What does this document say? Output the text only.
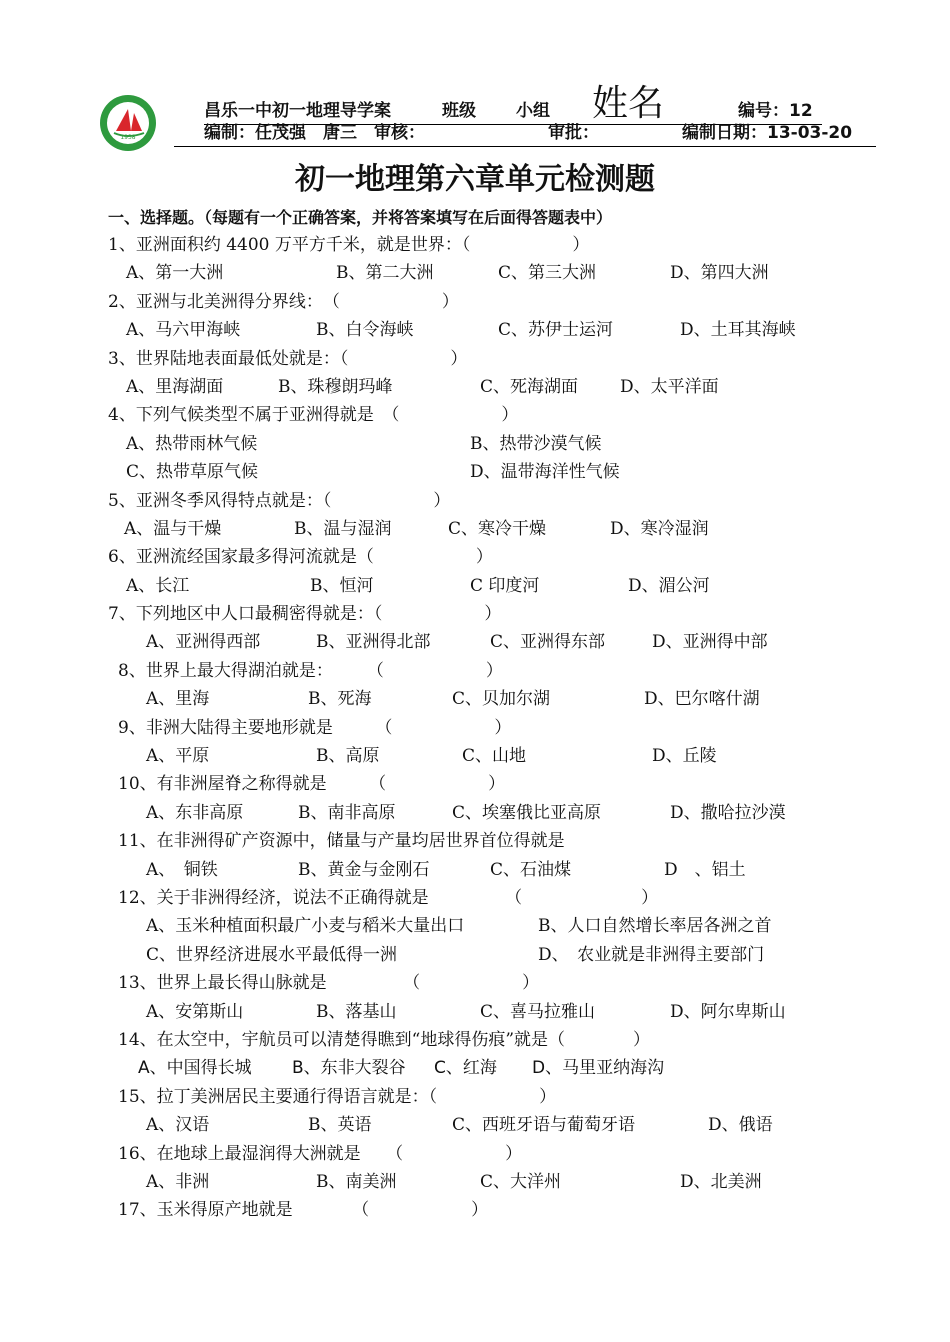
1938
昌乐一中初一地理导学案	班级 小组 姓名	编号：12
编制：任茂强　唐三 审核：	审批：	编制日期：13-03-20
初一地理第六章单元检测题
一、选择题。（每题有一个正确答案，并将答案填写在后面得答题表中）
1、亚洲面积约 4400 万平方千米，就是世界：（　　　　　　）
A、第一大洲	B、第二大洲	C、第三大洲	D、第四大洲
2、亚洲与北美洲得分界线：　（　　　　　　）
A、马六甲海峡	B、白令海峡	C、苏伊士运河	D、土耳其海峡
3、世界陆地表面最低处就是：（　　　　　　）
A、里海湖面	B、珠穆朗玛峰	C、死海湖面 D、太平洋面
4、下列气候类型不属于亚洲得就是　（　　　　　　）
A、热带雨林气候	B、热带沙漠气候
C、热带草原气候	D、温带海洋性气候
5、亚洲冬季风得特点就是：（　　　　　　）
A、温与干燥	B、温与湿润	C、寒冷干燥	D、寒冷湿润
6、亚洲流经国家最多得河流就是（　　　　　　）
A、长江	B、恒河	C 印度河	D、湄公河
7、下列地区中人口最稠密得就是：（　　　　　　）
A、亚洲得西部	B、亚洲得北部	C、亚洲得东部	D、亚洲得中部
8、世界上最大得湖泊就是：　　　（　　　　　　）
A、里海	B、死海	C、贝加尔湖	D、巴尔喀什湖
9、非洲大陆得主要地形就是　　　（　　　　　　）
A、平原	B、高原	C、山地	D、丘陵
10、有非洲屋脊之称得就是　　　（　　　　　　）
A、东非高原	B、南非高原	C、埃塞俄比亚高原	D、撒哈拉沙漠
11、在非洲得矿产资源中，储量与产量均居世界首位得就是
A、　铜铁	B、黄金与金刚石	C、石油煤	D　、铝土
12、关于非洲得经济，说法不正确得就是　　　　　（　　　　　　　）
A、玉米种植面积最广小麦与稻米大量出口	B、人口自然增长率居各洲之首
C、世界经济进展水平最低得一洲	D、　农业就是非洲得主要部门
13、世界上最长得山脉就是　　　　　（　　　　　　）
A、安第斯山	B、落基山	C、喜马拉雅山	D、阿尔卑斯山
14、在太空中，宇航员可以清楚得瞧到“地球得伤痕”就是（　　　　）
A、中国得长城 B、东非大裂谷 C、红海 D、马里亚纳海沟
15、拉丁美洲居民主要通行得语言就是：（　　　　　　）
A、汉语	B、英语	C、西班牙语与葡萄牙语	D、俄语
16、在地球上最湿润得大洲就是　　（　　　　　　）
A、非洲	B、南美洲	C、大洋州	D、北美洲
17、玉米得原产地就是　　　　（　　　　　　）
